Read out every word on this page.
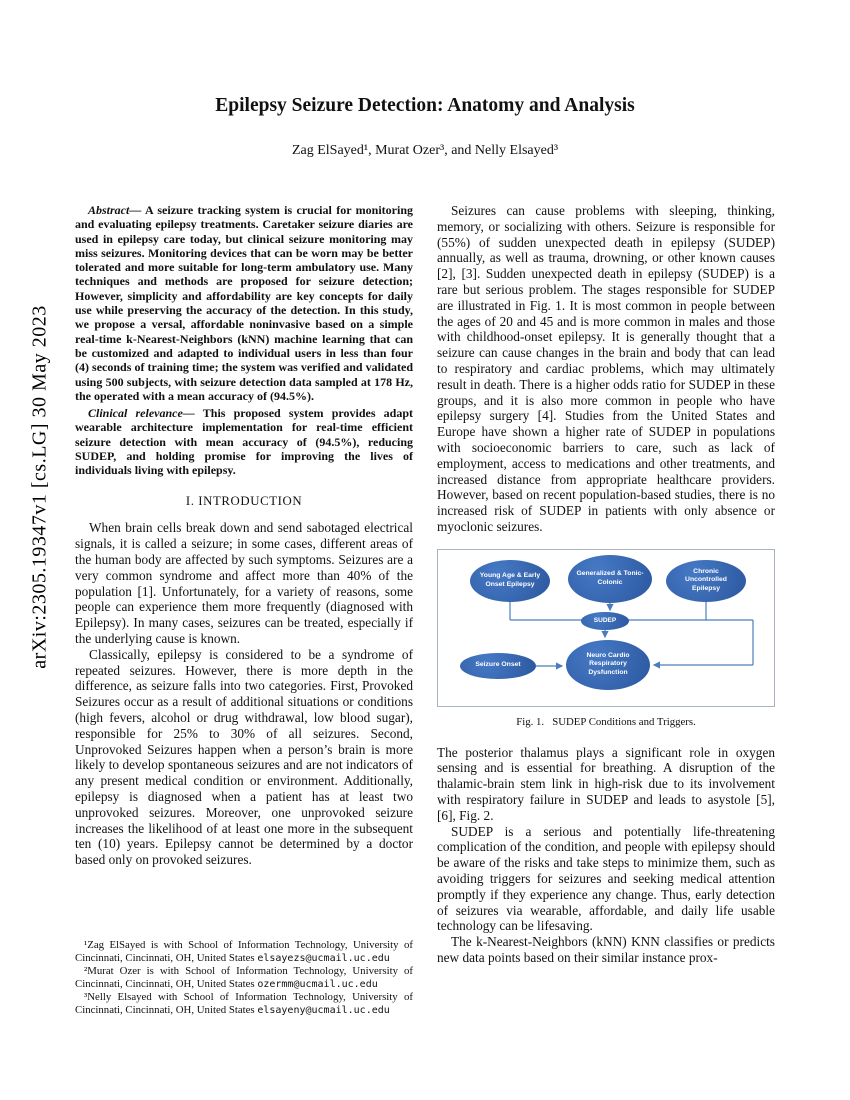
arXiv:2305.19347v1 [cs.LG] 30 May 2023
Epilepsy Seizure Detection: Anatomy and Analysis
Zag ElSayed¹, Murat Ozer³, and Nelly Elsayed³

Abstract— A seizure tracking system is crucial for monitoring and evaluating epilepsy treatments. Caretaker seizure diaries are used in epilepsy care today, but clinical seizure monitoring may miss seizures. Monitoring devices that can be worn may be better tolerated and more suitable for long-term ambulatory use. Many techniques and methods are proposed for seizure detection; However, simplicity and affordability are key concepts for daily use while preserving the accuracy of the detection. In this study, we propose a versal, affordable noninvasive based on a simple real-time k-Nearest-Neighbors (kNN) machine learning that can be customized and adapted to individual users in less than four (4) seconds of training time; the system was verified and validated using 500 subjects, with seizure detection data sampled at 178 Hz, the operated with a mean accuracy of (94.5%).

Clinical relevance— This proposed system provides adapt wearable architecture implementation for real-time efficient seizure detection with mean accuracy of (94.5%), reducing SUDEP, and holding promise for improving the lives of individuals living with epilepsy.

I. INTRODUCTION

When brain cells break down and send sabotaged electrical signals, it is called a seizure; in some cases, different areas of the human body are affected by such symptoms. Seizures are a very common syndrome and affect more than 40% of the population [1]. Unfortunately, for a variety of reasons, some people can experience them more frequently (diagnosed with Epilepsy). In many cases, seizures can be treated, especially if the underlying cause is known.

Classically, epilepsy is considered to be a syndrome of repeated seizures. However, there is more depth in the difference, as seizure falls into two categories. First, Provoked Seizures occur as a result of additional situations or conditions (high fevers, alcohol or drug withdrawal, low blood sugar), responsible for 25% to 30% of all seizures. Second, Unprovoked Seizures happen when a person’s brain is more likely to develop spontaneous seizures and are not indicators of any present medical condition or environment. Additionally, epilepsy is diagnosed when a patient has at least two unprovoked seizures. Moreover, one unprovoked seizure increases the likelihood of at least one more in the subsequent ten (10) years. Epilepsy cannot be determined by a doctor based only on provoked seizures.

¹Zag ElSayed is with School of Information Technology, University of Cincinnati, Cincinnati, OH, United States elsayezs@ucmail.uc.edu

²Murat Ozer is with School of Information Technology, University of Cincinnati, Cincinnati, OH, United States ozermm@ucmail.uc.edu

³Nelly Elsayed with School of Information Technology, University of Cincinnati, Cincinnati, OH, United States elsayeny@ucmail.uc.edu

Seizures can cause problems with sleeping, thinking, memory, or socializing with others. Seizure is responsible for (55%) of sudden unexpected death in epilepsy (SUDEP) annually, as well as trauma, drowning, or other known causes [2], [3]. Sudden unexpected death in epilepsy (SUDEP) is a rare but serious problem. The stages responsible for SUDEP are illustrated in Fig. 1. It is most common in people between the ages of 20 and 45 and is more common in males and those with childhood-onset epilepsy. It is generally thought that a seizure can cause changes in the brain and body that can lead to respiratory and cardiac problems, which may ultimately result in death. There is a higher odds ratio for SUDEP in these groups, and it is also more common in people who have epilepsy surgery [4]. Studies from the United States and Europe have shown a higher rate of SUDEP in populations with socioeconomic barriers to care, such as lack of employment, access to medications and other treatments, and increased distance from appropriate healthcare providers. However, based on recent population-based studies, there is no increased risk of SUDEP in patients with only absence or myoclonic seizures.

Young Age & Early Onset Epilepsy
Generalized & Tonic- Colonic
Chronic Uncontrolled Epilepsy
SUDEP
Seizure Onset
Neuro Cardio Respiratory Dysfunction
Fig. 1.   SUDEP Conditions and Triggers.

The posterior thalamus plays a significant role in oxygen sensing and is essential for breathing. A disruption of the thalamic-brain stem link in high-risk due to its involvement with respiratory failure in SUDEP and leads to asystole [5], [6], Fig. 2.

SUDEP is a serious and potentially life-threatening complication of the condition, and people with epilepsy should be aware of the risks and take steps to minimize them, such as avoiding triggers for seizures and seeking medical attention promptly if they experience any change. Thus, early detection of seizures via wearable, affordable, and daily life usable technology can be lifesaving.

The k-Nearest-Neighbors (kNN) KNN classifies or predicts new data points based on their similar instance prox-
